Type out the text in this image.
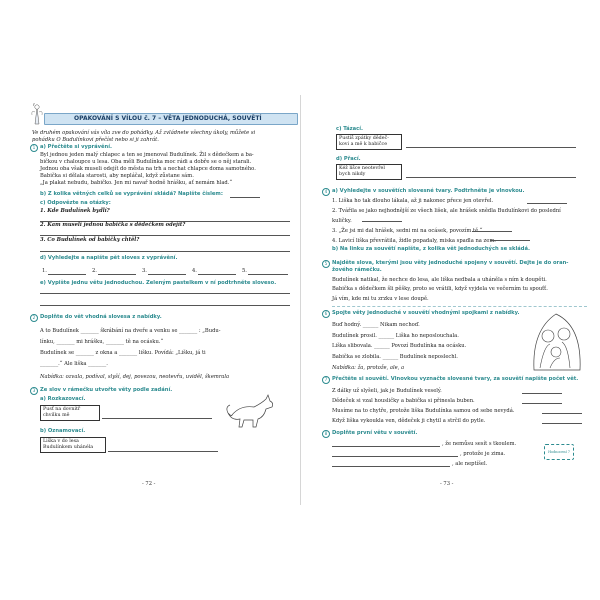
OPAKOVÁNÍ S VÍLOU č. 7 – VĚTA JEDNODUCHÁ, SOUVĚTÍ
Ve druhém opakování vás víla zve do pohádky. Až zvládnete všechny úkoly, můžete si
pohádku O Budulínkovi přečíst nebo si ji zahrát.
1 a) Přečtěte si vyprávění.
Byl jednou jeden malý chlapec a ten se jmenoval Budulínek. Žil s dědečkem a ba-
bičkou v chaloupce u lesa. Oba měli Budulínka moc rádi a dobře se o něj starali.
Jednou oba však museli odejít do města na trh a nechat chlapce doma samotného.
Babička si dělala starosti, aby nepláčal, když zůstane sám.
„Ja plakat nebudu, babičko. Jen mi navař hodně hrášku, ať nemám hlad.“
b) Z kolika větných celků se vyprávění skládá? Napište číslem:
c) Odpovězte na otázky:
1. Kde Budulínek bydlí?
2. Kam museli jednou babička s dědečkem odejít?
3. Co Budulínek od babičky chtěl?
d) Vyhledejte a napište pět sloves z vyprávění.
1.	2.	3.	4.	5.
e) Vypište jednu větu jednoduchou. Zeleným pastelkem v ní podtrhněte sloveso.
2 Doplňte do vět vhodná slovesa z nabídky.
A to Budulínek _______ škrábání na dveře a venku se _______ : „Budu-
línku, _______ mi hrášku, _______ tě na ocásku.“
Budulínek se _______ z okna a _______ lišku. Povídá: „Lišku, já ti
_______.“ Ale liška _______.
Nabídka: ozvala, podíval, slyší, dej, povezou, neotevřu, uviděl, škemrala
3 Ze slov v rámečku utvořte věty podle zadání.
a) Rozkazovací.
Pusť na dovnitř
chvilku mě
b) Oznamovací.
Liška v do lesa
Budulínkem uhánéla
- 72 -
c) Tázací.
Pustíš zpátky dědeč-
kovi a mě k babičce
d) Přací.
Kéž líšce neotevřel
bych nikdy
4 a) Vyhledejte v souvětích slovesné tvary. Podtrhněte je vlnovkou.
1. Liška ho tak dlouho lákala, až ji nakonec přece jen otevřel.
2. Tvářila se jako nejhodnější ze všech lišek, ale hrášek snědla Budulínkovi do poslední
kuličky.
3. „Že jsi mi dal hrášek, sedni mi na ocásek, povozím tě.“
4. Lavicí liška převrátila, židle popadaly, miska spadla na zem.
b) Na linku za souvětí napište, z kolika vět jednoduchých se skládá.
5 Najděte slova, kterými jsou věty jednoduché spojeny v souvětí. Dejte je do oran-
žového rámečku.
Budulínek natikal, že nechce do lesa, ale liška nedbala a uháněla s ním k doupěti.
Babička s dědečkem šli pěšky, proto se vrátili, když vyjdela ve večerním tu spouťť.
Já vím, kde mi tu zrzku v lese doupě.
6 Spojte věty jednoduché v souvětí vhodnými spojkami z nabídky.
Buď hodný. ______ Nikam nechoď.
Budulínek prosil. ______ Liška ho neposlouchala.
Liška slibovala. ______ Povozí Budulínka na ocásku.
Babička se zlobila. ______ Budulínek neposlechl.
Nabídka: ža, protože, ale, a
7 Přečtěte si souvětí. Vlnovkou vyznačte slovesné tvary, za souvětí napište počet vět.
Z dálky už slyšeli, jak je Budulínek veselý.
Dědeček si vzal housličky a babička si přinesla buben.
Musíme na to chytře, protože liška Budulínka samou od sebe nevydá.
Když liška vykoukla ven, dědeček ji chytil a strčil do pytle.
8 Doplňte první větu v souvětí.
, že nemůsu sesít s tkoulem.
, protože je zima.
, ale neptíšel.
Hodnocení 7
- 73 -
